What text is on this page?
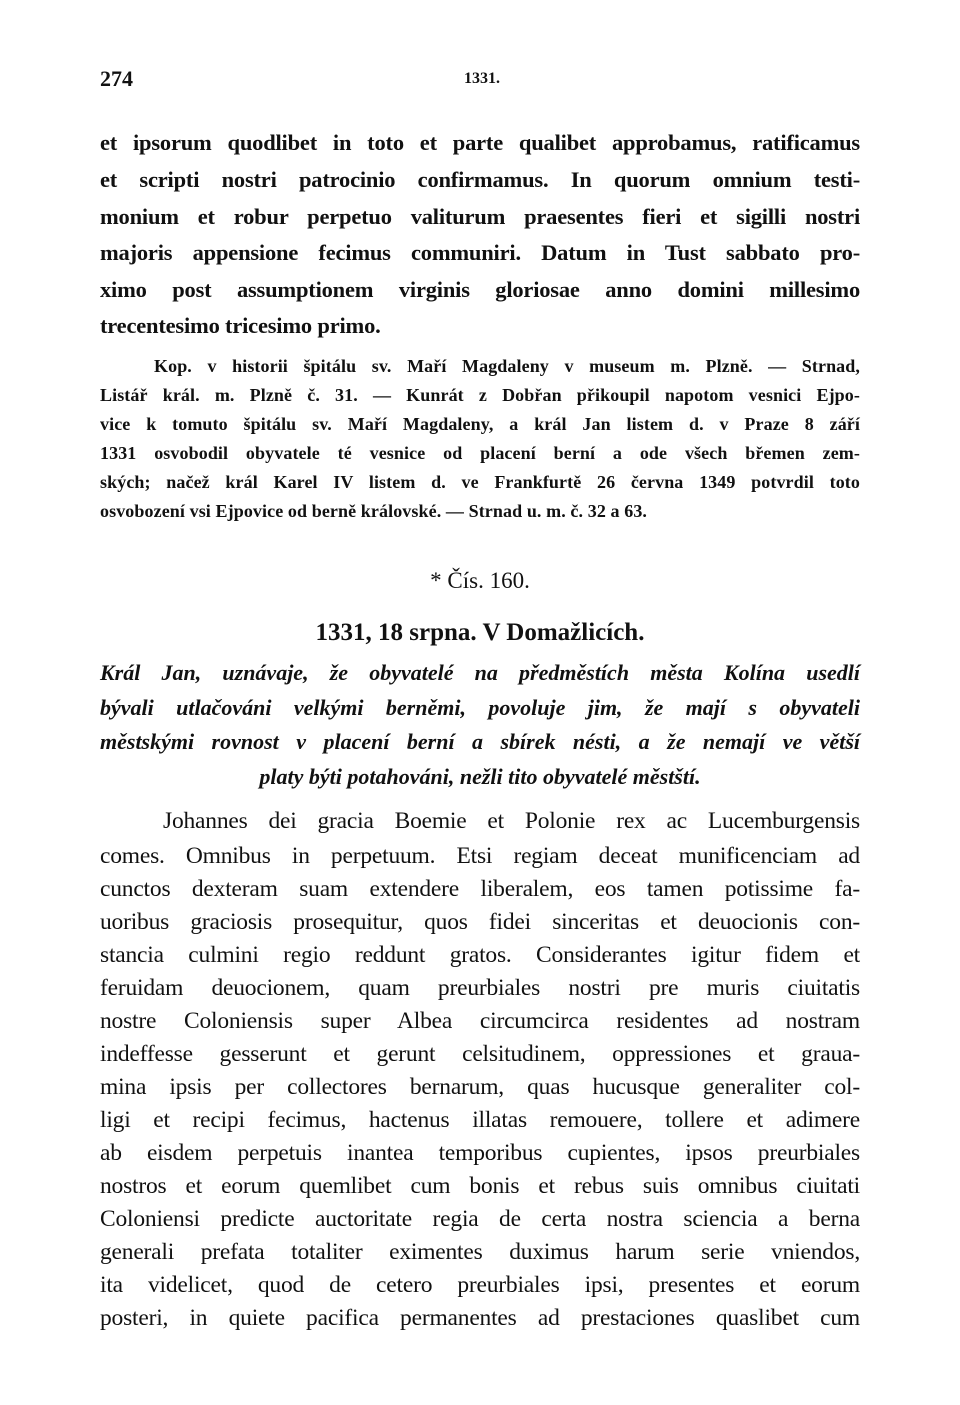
274	1331.
et ipsorum quodlibet in toto et parte qualibet approbamus, ratificamus
et scripti nostri patrocinio confirmamus. In quorum omnium testi-
monium et robur perpetuo valiturum praesentes fieri et sigilli nostri
majoris appensione fecimus communiri. Datum in Tust sabbato pro-
ximo post assumptionem virginis gloriosae anno domini millesimo
trecentesimo tricesimo primo.
Kop. v historii špitálu sv. Maří Magdaleny v museum m. Plzně. — Strnad,
Listář král. m. Plzně č. 31. — Kunrát z Dobřan přikoupil napotom vesnici Ejpo-
vice k tomuto špitálu sv. Maří Magdaleny, a král Jan listem d. v Praze 8 září
1331 osvobodil obyvatele té vesnice od placení berní a ode všech břemen zem-
ských; načež král Karel IV listem d. ve Frankfurtě 26 června 1349 potvrdil toto
osvobození vsi Ejpovice od berně královské. — Strnad u. m. č. 32 a 63.
* Čís. 160.
1331, 18 srpna. V Domažlicích.
Král Jan, uznávaje, že obyvatelé na předměstích města Kolína usedlí
bývali utlačováni velkými berněmi, povoluje jim, že mají s obyvateli
městskými rovnost v placení berní a sbírek nésti, a že nemají ve větší
platy býti potahováni, nežli tito obyvatelé městští.
Johannes dei gracia Boemie et Polonie rex ac Lucemburgensis
comes. Omnibus in perpetuum. Etsi regiam deceat munificenciam ad
cunctos dexteram suam extendere liberalem, eos tamen potissime fa-
uoribus graciosis prosequitur, quos fidei sinceritas et deuocionis con-
stancia culmini regio reddunt gratos. Considerantes igitur fidem et
feruidam deuocionem, quam preurbiales nostri pre muris ciuitatis
nostre Coloniensis super Albea circumcirca residentes ad nostram
indeffesse gesserunt et gerunt celsitudinem, oppressiones et graua-
mina ipsis per collectores bernarum, quas hucusque generaliter col-
ligi et recipi fecimus, hactenus illatas remouere, tollere et adimere
ab eisdem perpetuis inantea temporibus cupientes, ipsos preurbiales
nostros et eorum quemlibet cum bonis et rebus suis omnibus ciuitati
Coloniensi predicte auctoritate regia de certa nostra sciencia a berna
generali prefata totaliter eximentes duximus harum serie vniendos,
ita videlicet, quod de cetero preurbiales ipsi, presentes et eorum
posteri, in quiete pacifica permanentes ad prestaciones quaslibet cum
